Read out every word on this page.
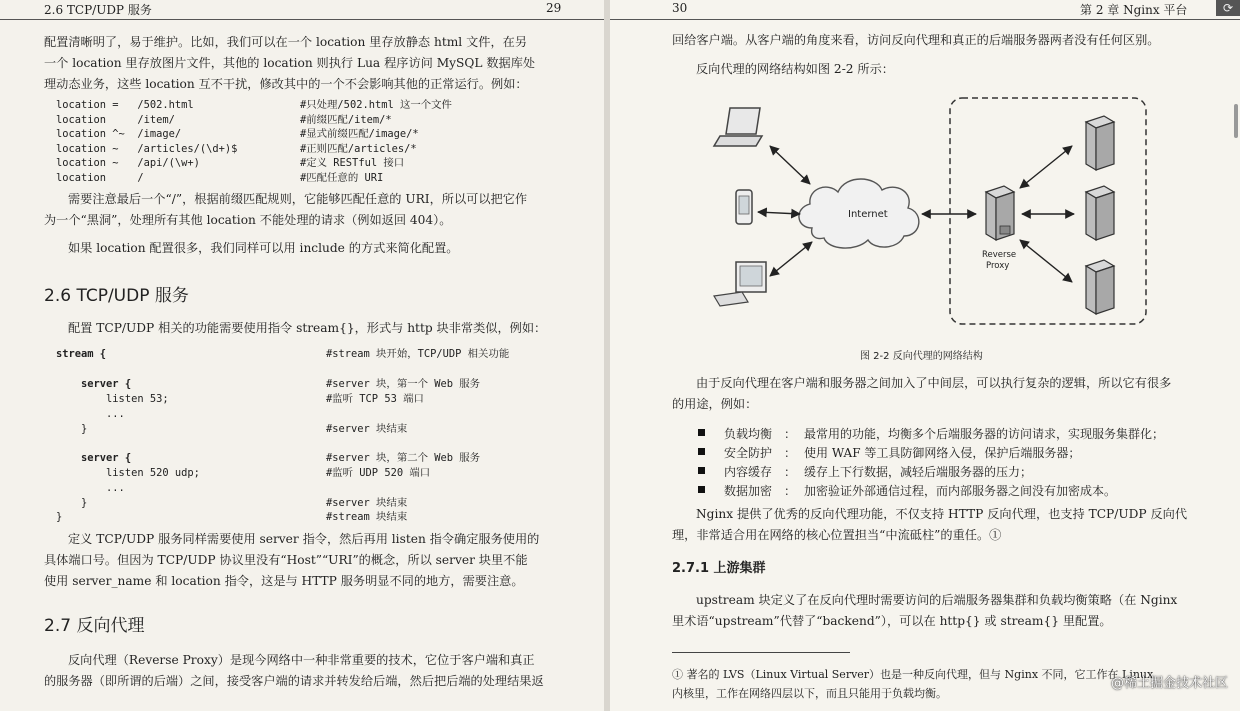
2.6 TCP/UDP 服务	29

配置清晰明了，易于维护。比如，我们可以在一个 location 里存放静态 html 文件，在另

一个 location 里存放图片文件，其他的 location 则执行 Lua 程序访问 MySQL 数据库处

理动态业务，这些 location 互不干扰，修改其中的一个不会影响其他的正常运行。例如：

location =   /502.html	#只处理/502.html 这一个文件
location     /item/	#前缀匹配/item/*
location ^~  /image/	#显式前缀匹配/image/*
location ~   /articles/(\d+)$	#正则匹配/articles/*
location ~   /api/(\w+)	#定义 RESTful 接口
location     /	#匹配任意的 URI

需要注意最后一个“/”，根据前缀匹配规则，它能够匹配任意的 URI，所以可以把它作

为一个“黑洞”，处理所有其他 location 不能处理的请求（例如返回 404）。

如果 location 配置很多，我们同样可以用 include 的方式来简化配置。

2.6 TCP/UDP 服务

配置 TCP/UDP 相关的功能需要使用指令 stream{}，形式与 http 块非常类似，例如：

stream {	#stream 块开始，TCP/UDP 相关功能
server {	#server 块，第一个 Web 服务
listen 53;	#监听 TCP 53 端口
...
}	#server 块结束
server {	#server 块，第二个 Web 服务
listen 520 udp;	#监听 UDP 520 端口
...
}	#server 块结束
}	#stream 块结束

定义 TCP/UDP 服务同样需要使用 server 指令，然后再用 listen 指令确定服务使用的

具体端口号。但因为 TCP/UDP 协议里没有“Host”“URI”的概念，所以 server 块里不能

使用 server_name 和 location 指令，这是与 HTTP 服务明显不同的地方，需要注意。

2.7 反向代理

反向代理（Reverse Proxy）是现今网络中一种非常重要的技术，它位于客户端和真正

的服务器（即所谓的后端）之间，接受客户端的请求并转发给后端，然后把后端的处理结果返

30	第 2 章 Nginx 平台	⟳

回给客户端。从客户端的角度来看，访问反向代理和真正的后端服务器两者没有任何区别。

反向代理的网络结构如图 2-2 所示：

Internet
Reverse
Proxy
图 2-2 反向代理的网络结构

由于反向代理在客户端和服务器之间加入了中间层，可以执行复杂的逻辑，所以它有很多

的用途，例如：

负载均衡 ： 最常用的功能，均衡多个后端服务器的访问请求，实现服务集群化；
安全防护 ： 使用 WAF 等工具防御网络入侵，保护后端服务器；
内容缓存 ： 缓存上下行数据，减轻后端服务器的压力；
数据加密 ： 加密验证外部通信过程，而内部服务器之间没有加密成本。

Nginx 提供了优秀的反向代理功能，不仅支持 HTTP 反向代理，也支持 TCP/UDP 反向代

理，非常适合用在网络的核心位置担当“中流砥柱”的重任。①

2.7.1 上游集群

upstream 块定义了在反向代理时需要访问的后端服务器集群和负载均衡策略（在 Nginx

里术语“upstream”代替了“backend”），可以在 http{} 或 stream{} 里配置。

① 著名的 LVS（Linux Virtual Server）也是一种反向代理，但与 Nginx 不同，它工作在 Linux
内核里，工作在网络四层以下，而且只能用于负载均衡。
@稀土掘金技术社区
